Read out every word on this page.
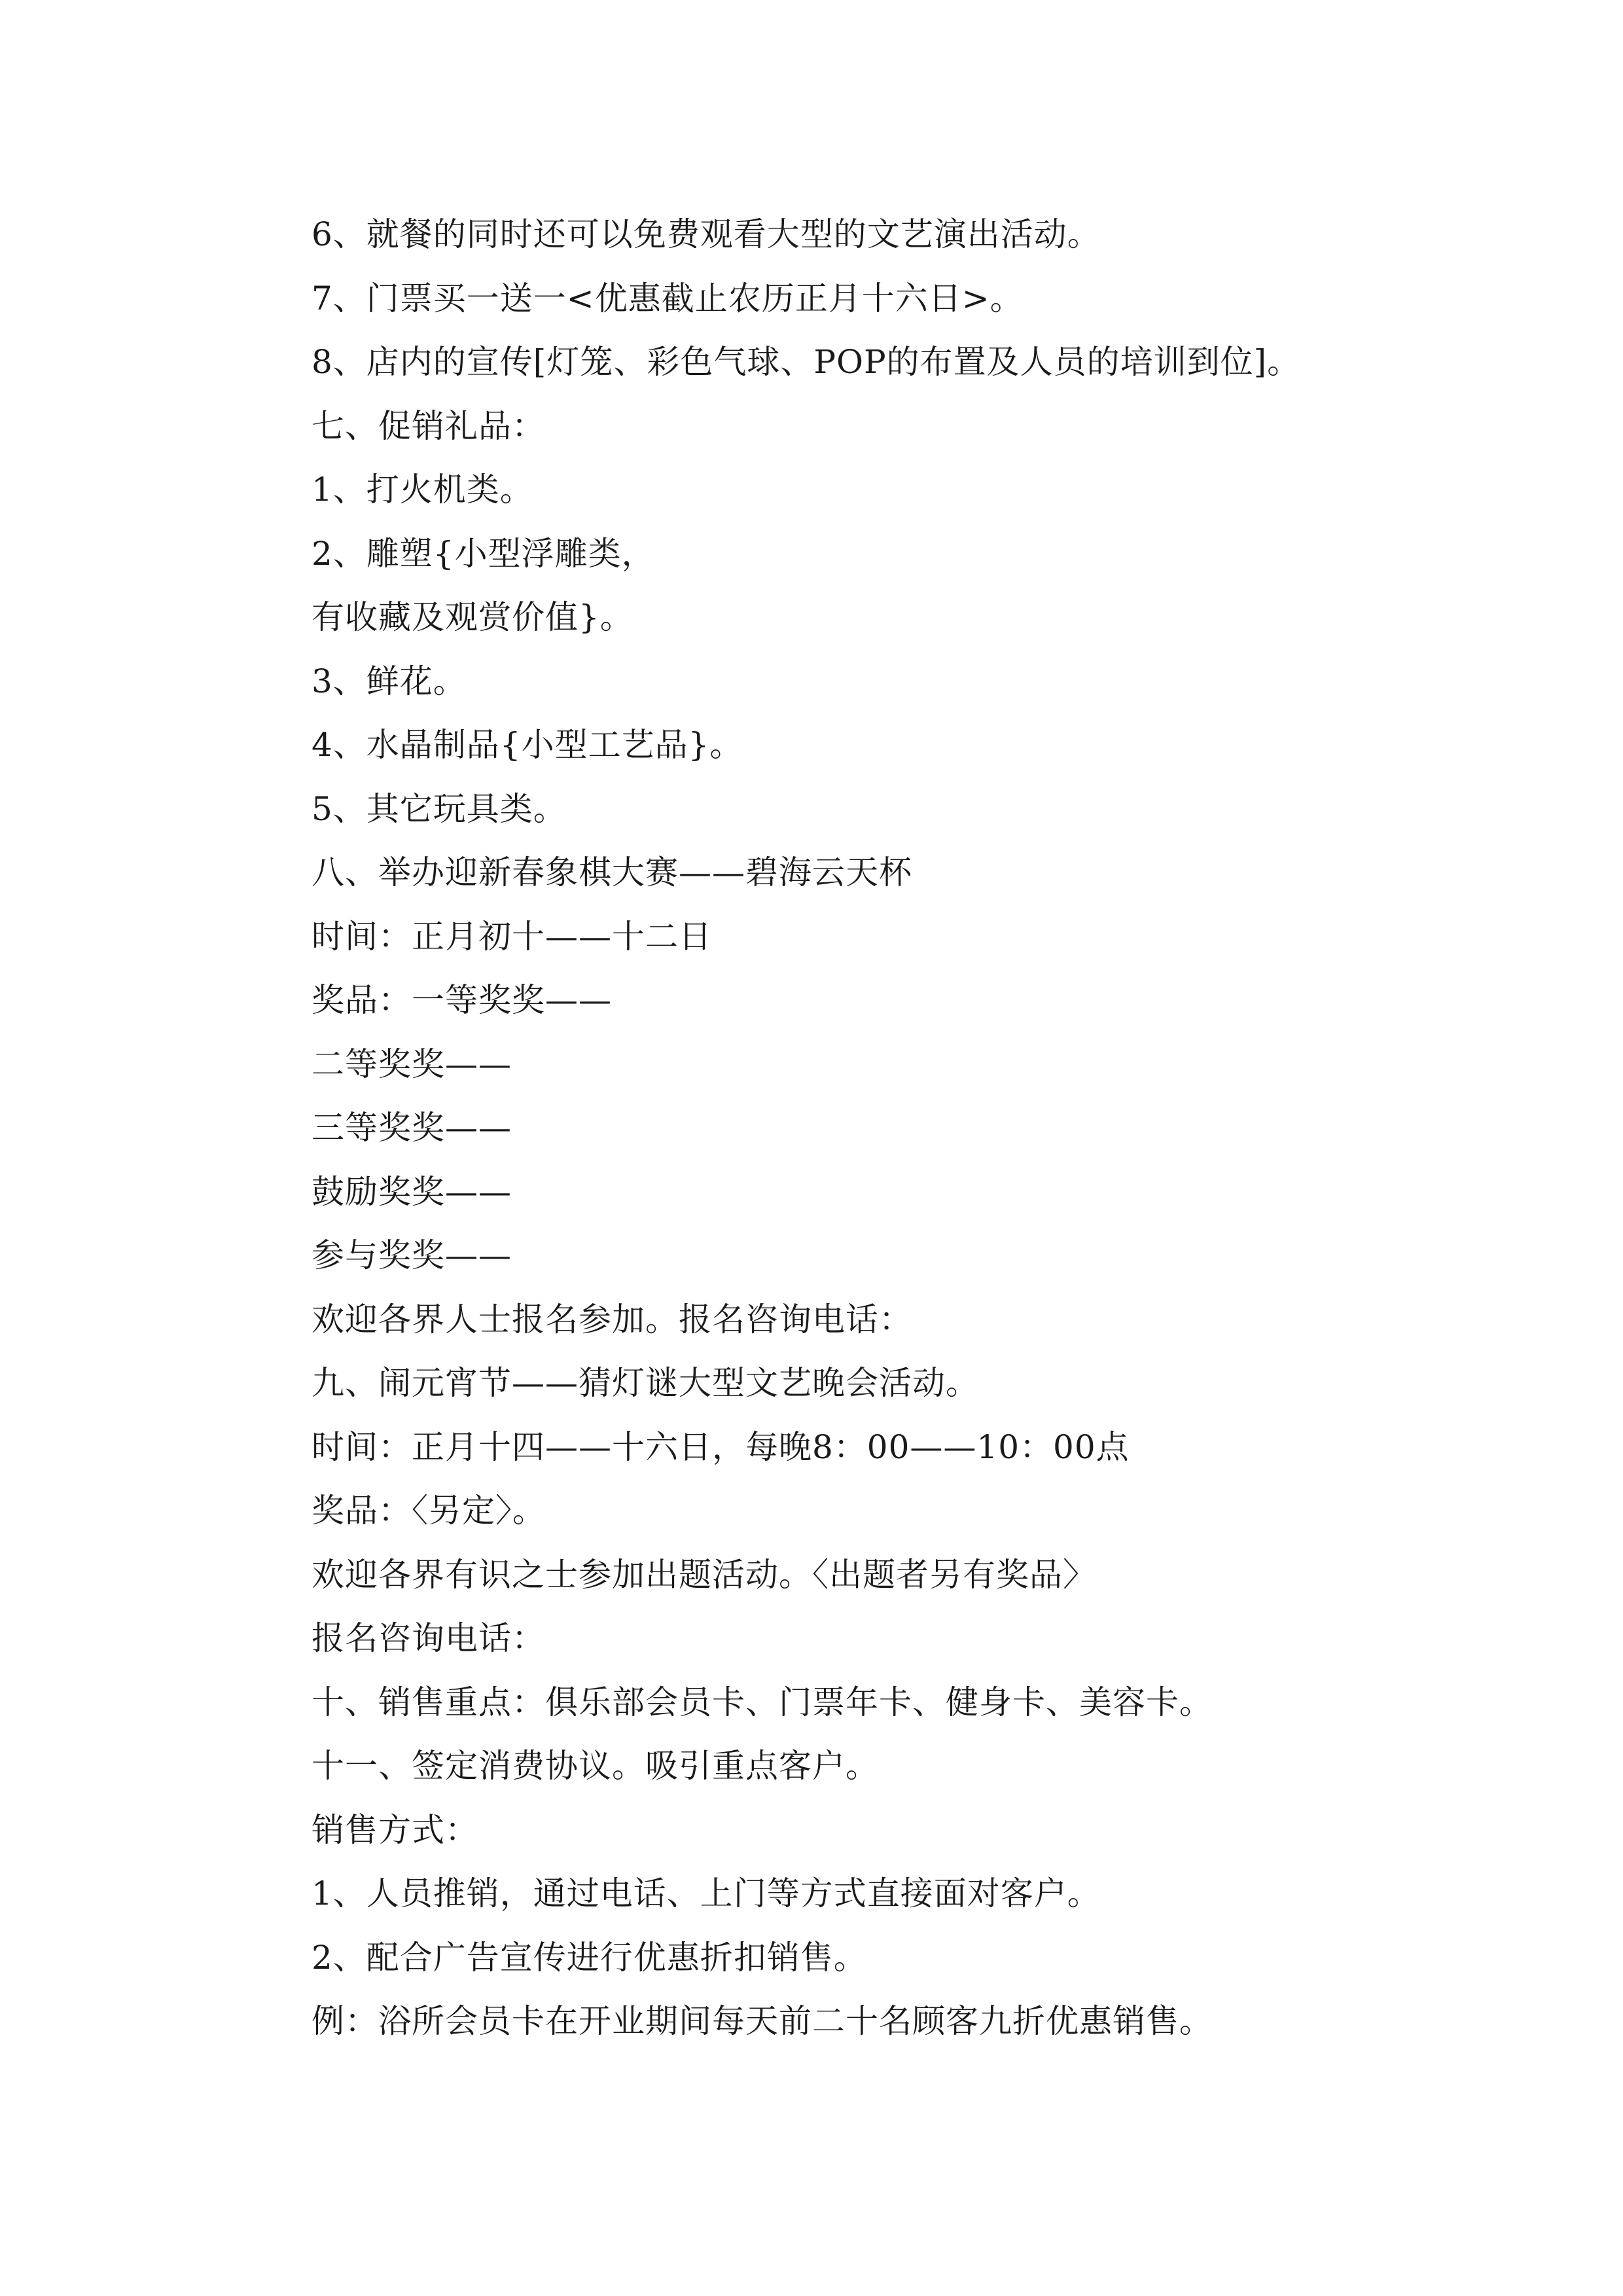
6、就餐的同时还可以免费观看大型的文艺演出活动。
7、门票买一送一<优惠截止农历正月十六日>。
8、店内的宣传[灯笼、彩色气球、POP的布置及人员的培训到位]。
七、促销礼品：
1、打火机类。
2、雕塑{小型浮雕类，
有收藏及观赏价值}。
3、鲜花。
4、水晶制品{小型工艺品}。
5、其它玩具类。
八、举办迎新春象棋大赛——碧海云天杯
时间：正月初十——十二日
奖品：一等奖奖——
二等奖奖——
三等奖奖——
鼓励奖奖——
参与奖奖——
欢迎各界人士报名参加。报名咨询电话：
九、闹元宵节——猜灯谜大型文艺晚会活动。
时间：正月十四——十六日，每晚8：00——10：00点
奖品：〈另定〉。
欢迎各界有识之士参加出题活动。〈出题者另有奖品〉
报名咨询电话：
十、销售重点：俱乐部会员卡、门票年卡、健身卡、美容卡。
十一、签定消费协议。吸引重点客户。
销售方式：
1、人员推销，通过电话、上门等方式直接面对客户。
2、配合广告宣传进行优惠折扣销售。
例：浴所会员卡在开业期间每天前二十名顾客九折优惠销售。
